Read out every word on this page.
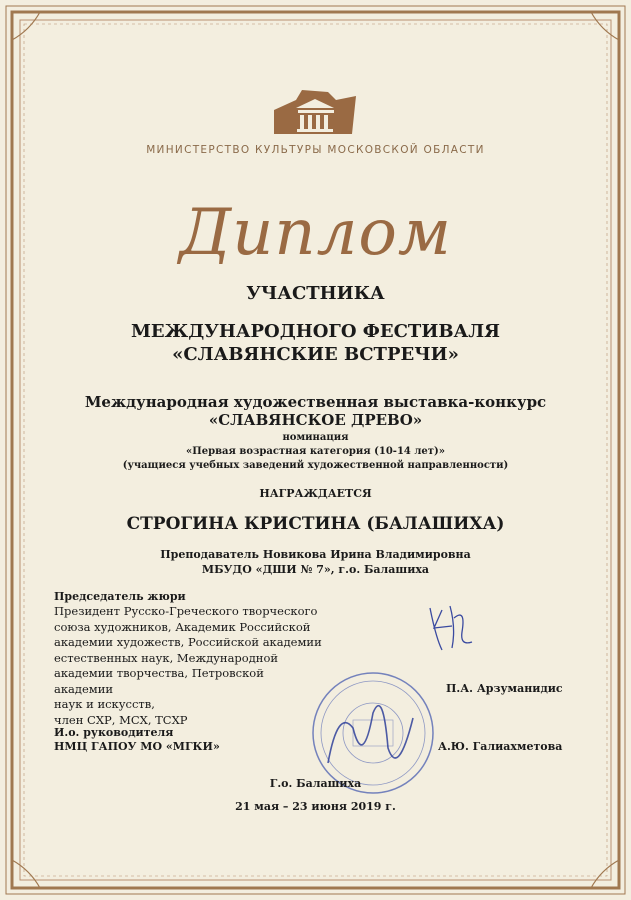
МИНИСТЕРСТВО КУЛЬТУРЫ МОСКОВСКОЙ ОБЛАСТИ
Диплом
УЧАСТНИКА
МЕЖДУНАРОДНОГО ФЕСТИВАЛЯ
«СЛАВЯНСКИЕ ВСТРЕЧИ»
Международная художественная выставка-конкурс
«СЛАВЯНСКОЕ ДРЕВО»
номинация
«Первая возрастная категория (10-14 лет)»
(учащиеся учебных заведений художественной направленности)
НАГРАЖДАЕТСЯ
СТРОГИНА КРИСТИНА (БАЛАШИХА)
Преподаватель Новикова Ирина Владимировна
МБУДО «ДШИ № 7», г.о. Балашиха
Председатель жюри
Президент Русско-Греческого творческого
союза художников, Академик Российской
академии художеств, Российской академии
естественных наук, Международной
академии творчества, Петровской академии
наук и искусств,
член СХР, МСХ, ТСХР
П.А. Арзуманидис
И.о. руководителя
НМЦ ГАПОУ МО «МГКИ»	А.Ю. Галиахметова
Г.о. Балашиха
21 мая – 23 июня 2019 г.
